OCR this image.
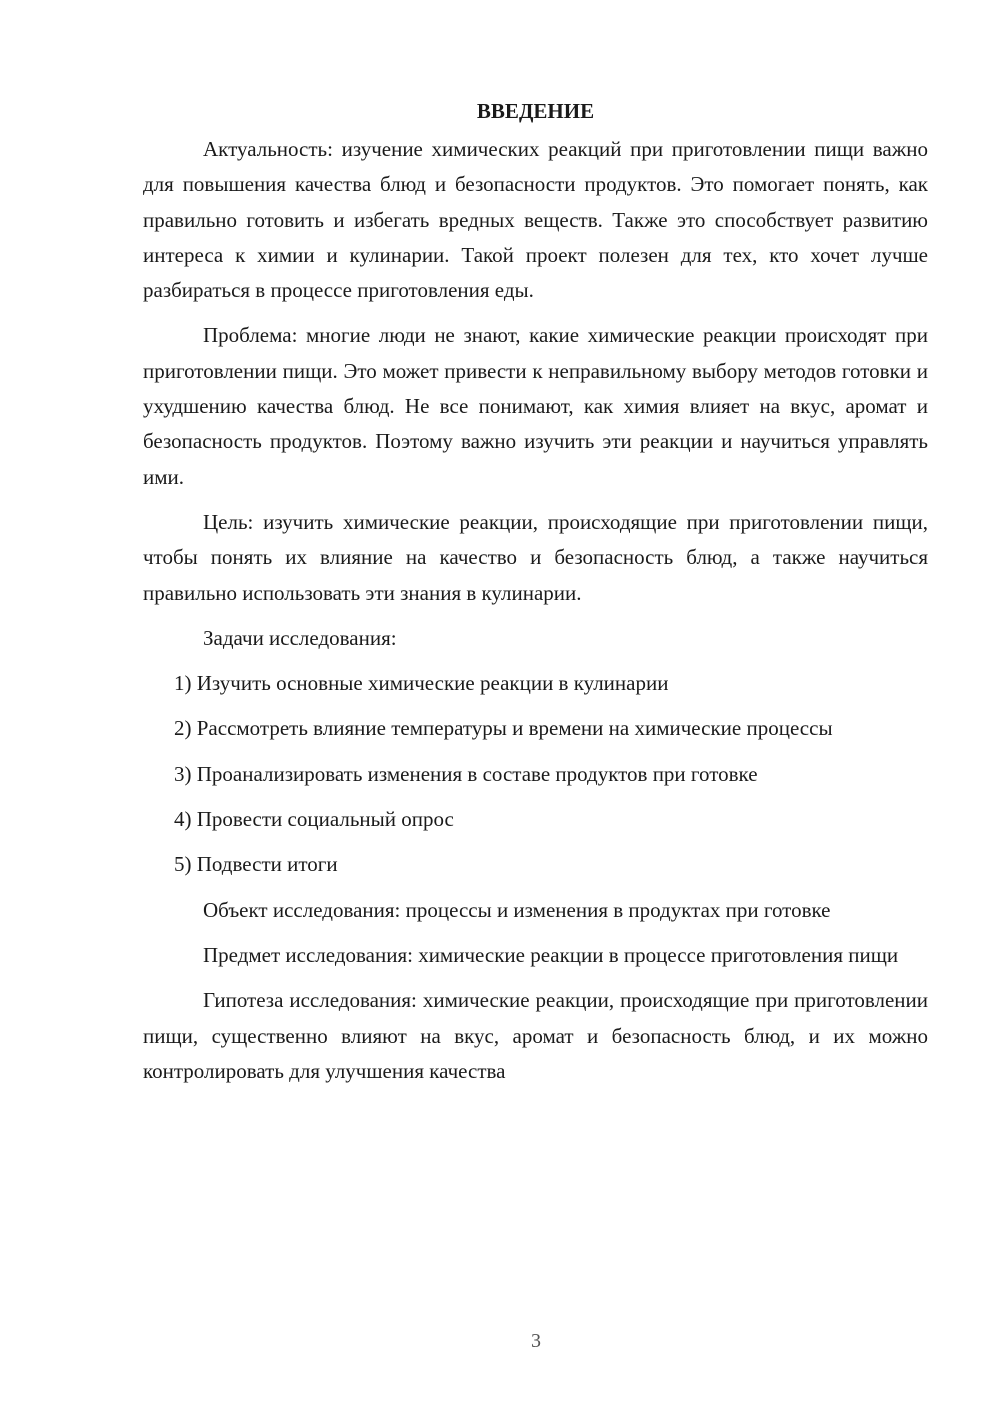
ВВЕДЕНИЕ

Актуальность: изучение химических реакций при приготовлении пищи важно для повышения качества блюд и безопасности продуктов. Это помогает понять, как правильно готовить и избегать вредных веществ. Также это способствует развитию интереса к химии и кулинарии. Такой проект полезен для тех, кто хочет лучше разбираться в процессе приготовления еды.

Проблема: многие люди не знают, какие химические реакции происходят при приготовлении пищи. Это может привести к неправильному выбору методов готовки и ухудшению качества блюд. Не все понимают, как химия влияет на вкус, аромат и безопасность продуктов. Поэтому важно изучить эти реакции и научиться управлять ими.

Цель: изучить химические реакции, происходящие при приготовлении пищи, чтобы понять их влияние на качество и безопасность блюд, а также научиться правильно использовать эти знания в кулинарии.

Задачи исследования:

1) Изучить основные химические реакции в кулинарии

2) Рассмотреть влияние температуры и времени на химические процессы

3) Проанализировать изменения в составе продуктов при готовке

4) Провести социальный опрос

5) Подвести итоги

Объект исследования: процессы и изменения в продуктах при готовке

Предмет исследования: химические реакции в процессе приготовления пищи

Гипотеза исследования: химические реакции, происходящие при приготовлении пищи, существенно влияют на вкус, аромат и безопасность блюд, и их можно контролировать для улучшения качества

3
